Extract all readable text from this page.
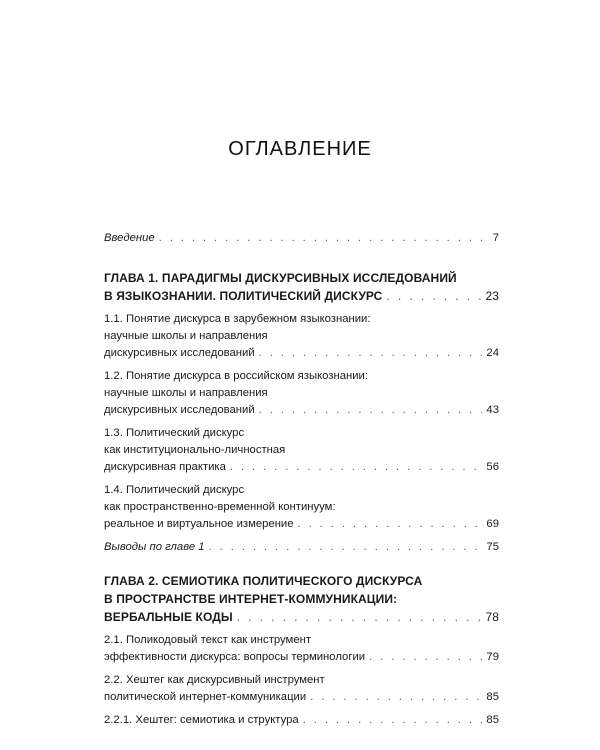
ОГЛАВЛЕНИЕ
Введение . . .	7
ГЛАВА 1. ПАРАДИГМЫ ДИСКУРСИВНЫХ ИССЛЕДОВАНИЙ
В ЯЗЫКОЗНАНИИ. ПОЛИТИЧЕСКИЙ ДИСКУРС . . .	23
1.1. Понятие дискурса в зарубежном языкознании:
научные школы и направления
дискурсивных исследований . . .	24
1.2. Понятие дискурса в российском языкознании:
научные школы и направления
дискурсивных исследований . . .	43
1.3. Политический дискурс
как институционально-личностная
дискурсивная практика . . .	56
1.4. Политический дискурс
как пространственно-временной континуум:
реальное и виртуальное измерение . . .	69
Выводы по главе 1 . . .	75
ГЛАВА 2. СЕМИОТИКА ПОЛИТИЧЕСКОГО ДИСКУРСА
В ПРОСТРАНСТВЕ ИНТЕРНЕТ-КОММУНИКАЦИИ:
ВЕРБАЛЬНЫЕ КОДЫ . . .	78
2.1. Поликодовый текст как инструмент
эффективности дискурса: вопросы терминологии . . .	79
2.2. Хештег как дискурсивный инструмент
политической интернет-коммуникации . . .	85
2.2.1. Хештег: семиотика и структура . . .	85
